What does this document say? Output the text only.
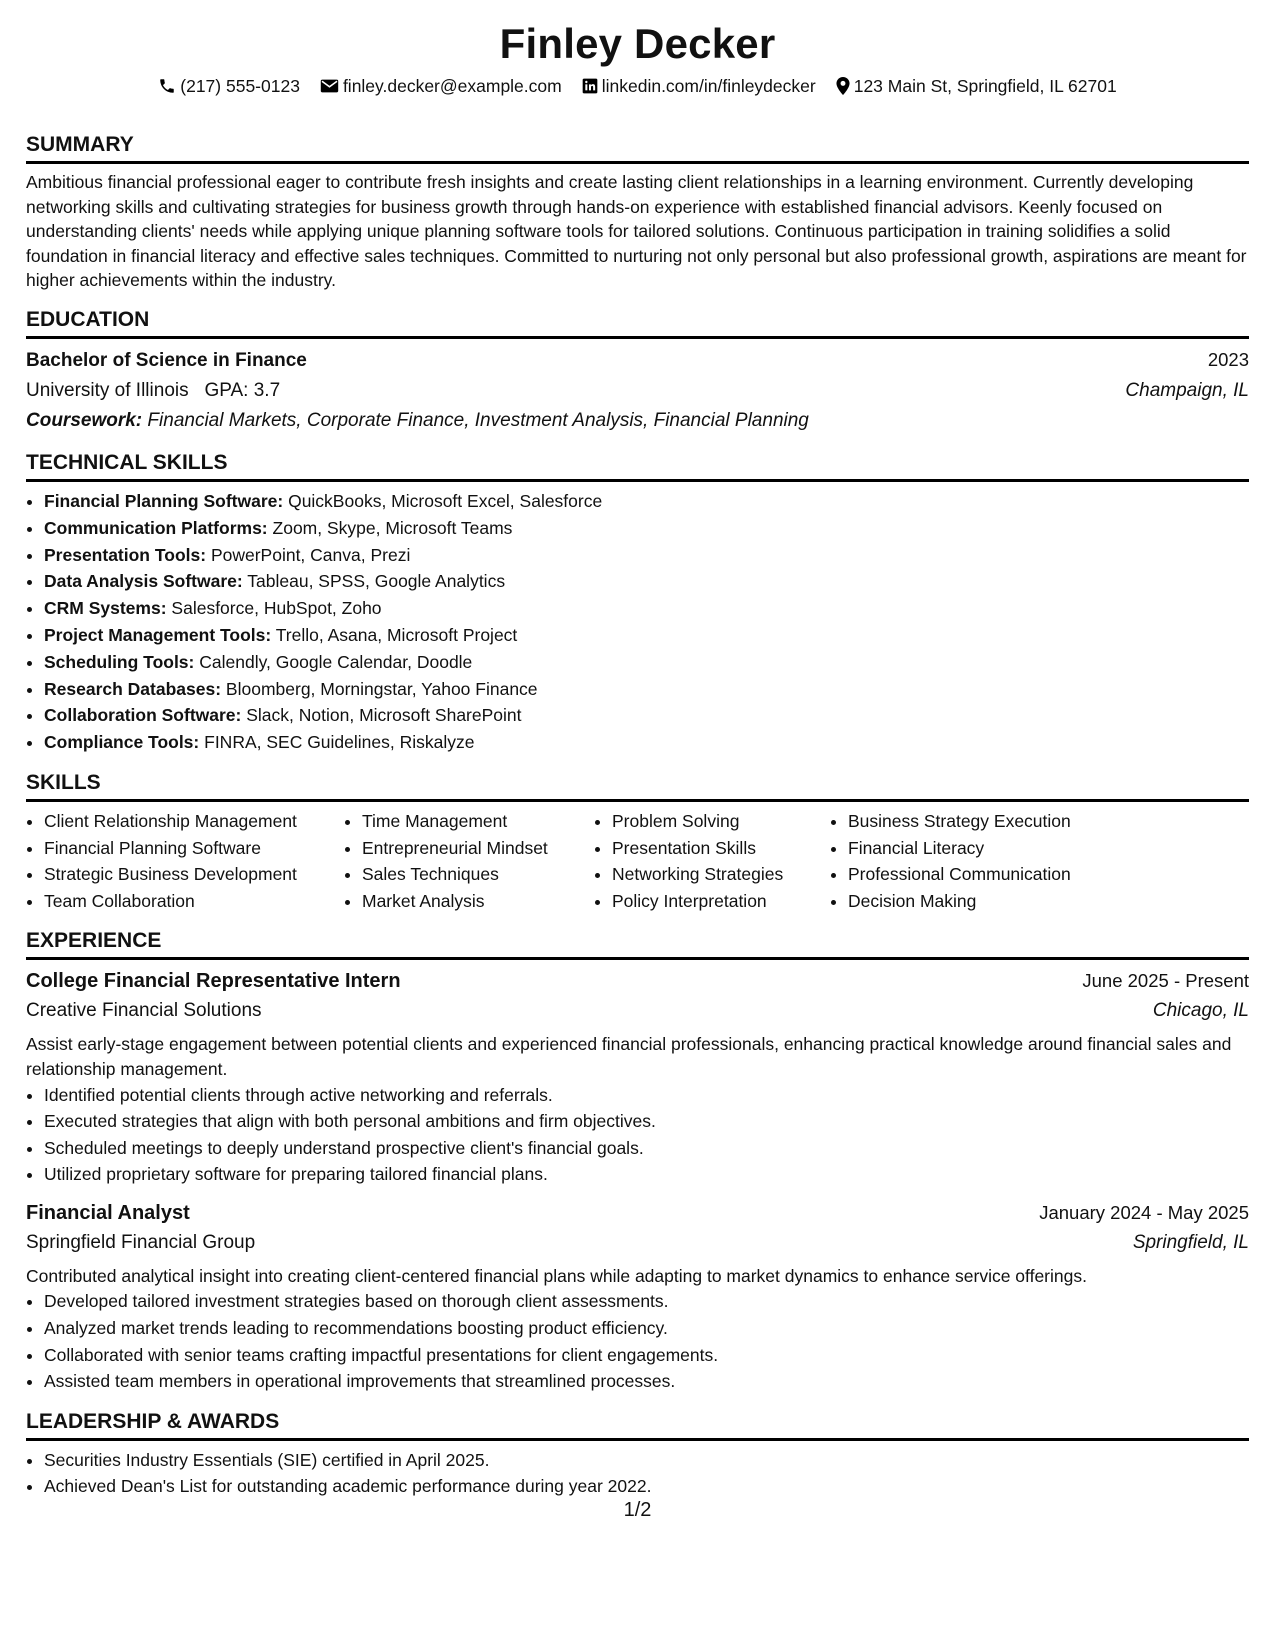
Finley Decker
(217) 555-0123 finley.decker@example.com linkedin.com/in/finleydecker 123 Main St, Springfield, IL 62701
SUMMARY

Ambitious financial professional eager to contribute fresh insights and create lasting client relationships in a learning environment. Currently developing networking skills and cultivating strategies for business growth through hands-on experience with established financial advisors. Keenly focused on understanding clients' needs while applying unique planning software tools for tailored solutions. Continuous participation in training solidifies a solid foundation in financial literacy and effective sales techniques. Committed to nurturing not only personal but also professional growth, aspirations are meant for higher achievements within the industry.

EDUCATION
Bachelor of Science in Finance	2023
University of Illinois GPA: 3.7	Champaign, IL
Coursework: Financial Markets, Corporate Finance, Investment Analysis, Financial Planning
TECHNICAL SKILLS
• Financial Planning Software: QuickBooks, Microsoft Excel, Salesforce
• Communication Platforms: Zoom, Skype, Microsoft Teams
• Presentation Tools: PowerPoint, Canva, Prezi
• Data Analysis Software: Tableau, SPSS, Google Analytics
• CRM Systems: Salesforce, HubSpot, Zoho
• Project Management Tools: Trello, Asana, Microsoft Project
• Scheduling Tools: Calendly, Google Calendar, Doodle
• Research Databases: Bloomberg, Morningstar, Yahoo Finance
• Collaboration Software: Slack, Notion, Microsoft SharePoint
• Compliance Tools: FINRA, SEC Guidelines, Riskalyze
SKILLS
• Client Relationship Management
• Financial Planning Software
• Strategic Business Development
• Team Collaboration
• Time Management
• Entrepreneurial Mindset
• Sales Techniques
• Market Analysis
• Problem Solving
• Presentation Skills
• Networking Strategies
• Policy Interpretation
• Business Strategy Execution
• Financial Literacy
• Professional Communication
• Decision Making
EXPERIENCE
College Financial Representative Intern	June 2025 - Present
Creative Financial Solutions	Chicago, IL

Assist early-stage engagement between potential clients and experienced financial professionals, enhancing practical knowledge around financial sales and relationship management.

• Identified potential clients through active networking and referrals.
• Executed strategies that align with both personal ambitions and firm objectives.
• Scheduled meetings to deeply understand prospective client's financial goals.
• Utilized proprietary software for preparing tailored financial plans.
Financial Analyst	January 2024 - May 2025
Springfield Financial Group	Springfield, IL

Contributed analytical insight into creating client-centered financial plans while adapting to market dynamics to enhance service offerings.

• Developed tailored investment strategies based on thorough client assessments.
• Analyzed market trends leading to recommendations boosting product efficiency.
• Collaborated with senior teams crafting impactful presentations for client engagements.
• Assisted team members in operational improvements that streamlined processes.
LEADERSHIP & AWARDS
• Securities Industry Essentials (SIE) certified in April 2025.
• Achieved Dean's List for outstanding academic performance during year 2022.
1/2
